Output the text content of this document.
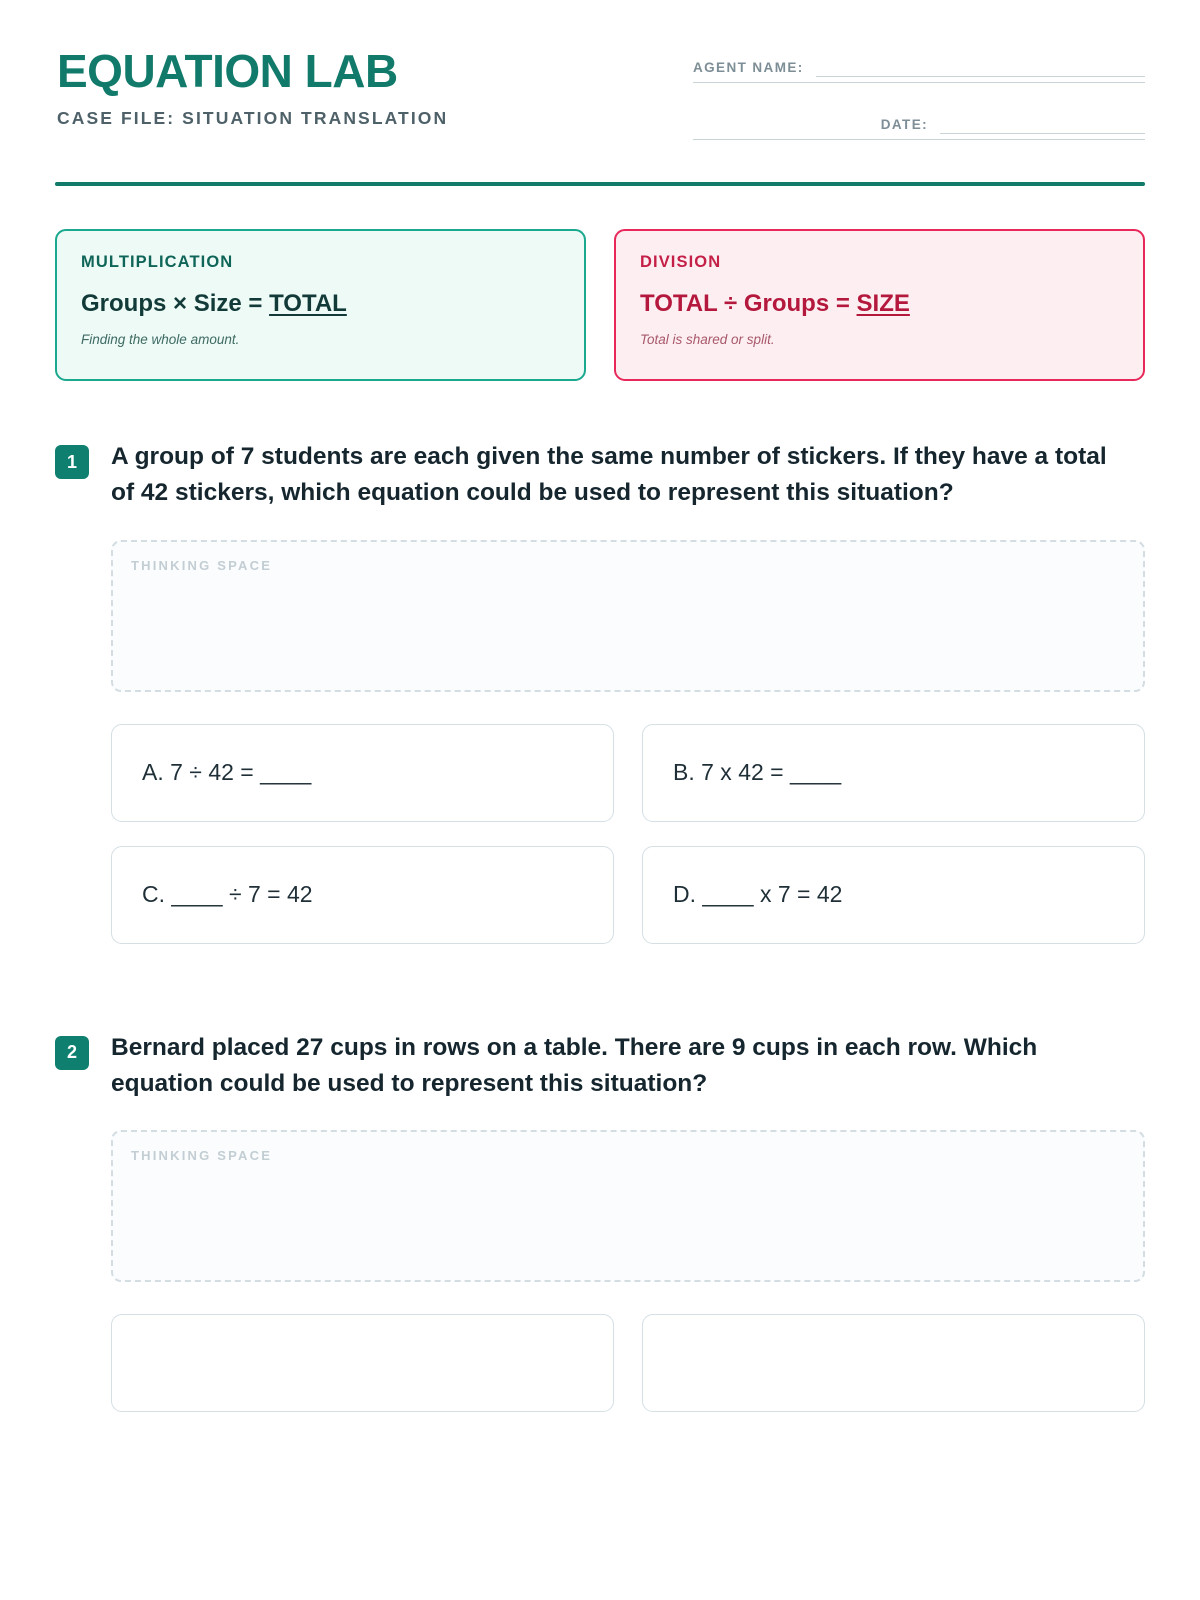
EQUATION LAB
CASE FILE: SITUATION TRANSLATION
AGENT NAME:
DATE:
MULTIPLICATION
Groups × Size = TOTAL
Finding the whole amount.
DIVISION
TOTAL ÷ Groups = SIZE
Total is shared or split.
1	A group of 7 students are each given the same number of stickers. If they have a total of 42 stickers, which equation could be used to represent this situation?
THINKING SPACE
A. 7 ÷ 42 = ____	B. 7 x 42 = ____
C. ____ ÷ 7 = 42	D. ____ x 7 = 42
2	Bernard placed 27 cups in rows on a table. There are 9 cups in each row. Which equation could be used to represent this situation?
THINKING SPACE
